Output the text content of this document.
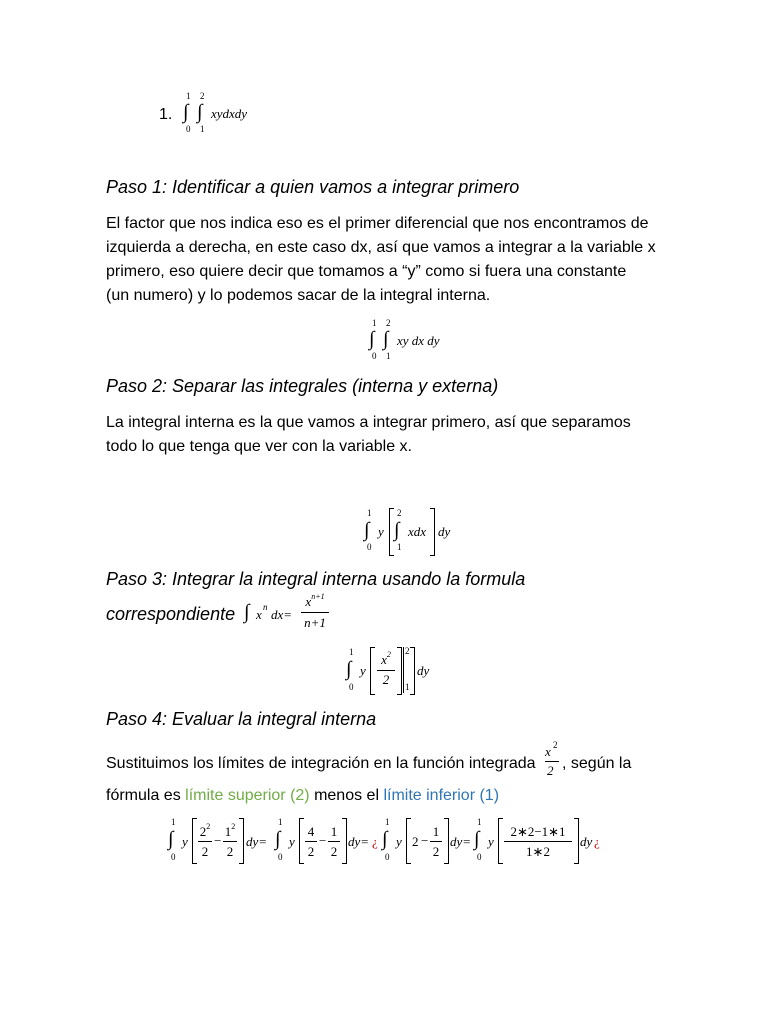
1.
1
∫
0
2
∫
1
xydxdy
Paso 1: Identificar a quien vamos a integrar primero
El factor que nos indica eso es el primer diferencial que nos encontramos de
izquierda a derecha, en este caso dx, así que vamos a integrar a la variable x
primero, eso quiere decir que tomamos a “y” como si fuera una constante
(un numero) y lo podemos sacar de la integral interna.
1
∫
0
2
∫
1
xy dx dy
Paso 2: Separar las integrales (interna y externa)
La integral interna es la que vamos a integrar primero, así que separamos
todo lo que tenga que ver con la variable x.
1
∫
0
y
2
∫
1
xdx dy
Paso 3: Integrar la integral interna usando la formula
correspondiente ∫ x n dx=
$x^{n+1}$
n+1
1
∫
0
y
$x^2$
2
2
1
dy
Paso 4: Evaluar la integral interna
Sustituimos los límites de integración en la función integrada
x 2
2 , según la
fórmula es límite superior (2) menos el límite inferior (1)
1
∫
0
y
$2^2$
2
−
$1^2$
2
dy=
1
∫
0
y
4
2
−
1
2
dy= ¿
1
∫
0
y 2 −
1
2
dy=
1
∫
0
y
2∗2−1∗1
1∗2
dy ¿
